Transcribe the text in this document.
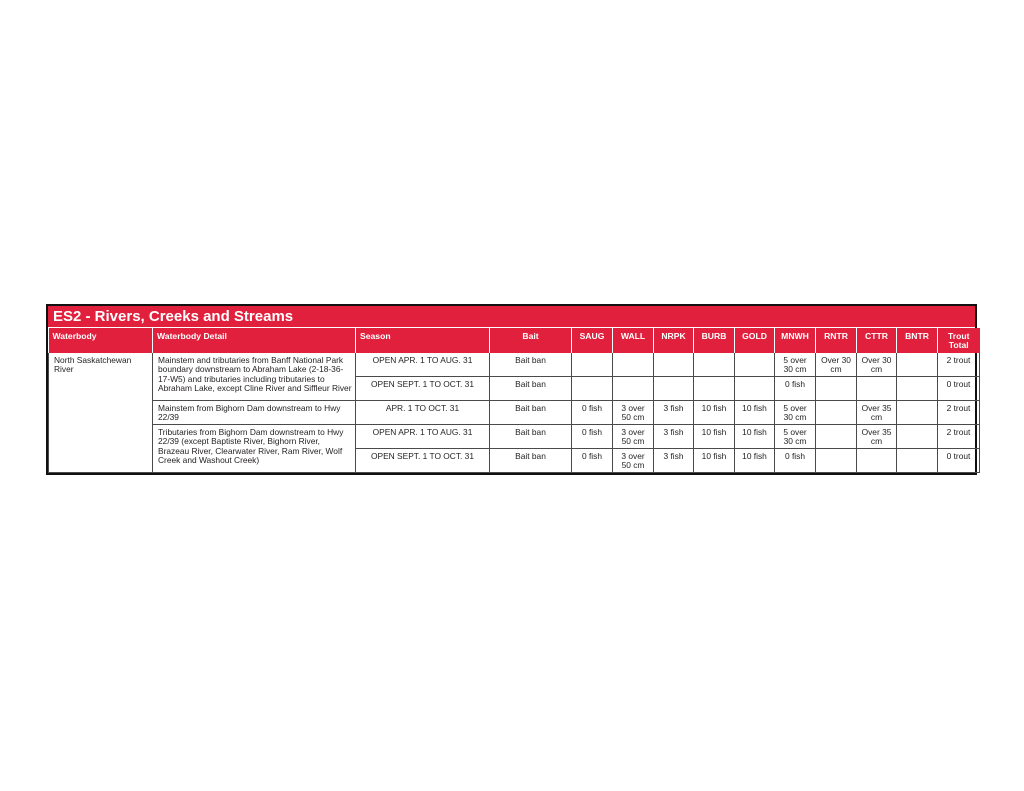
ES2 - Rivers, Creeks and Streams
Waterbody	Waterbody Detail	Season	Bait	SAUG	WALL	NRPK	BURB	GOLD	MNWH	RNTR	CTTR	BNTR	Trout
Total
North Saskatchewan River	Mainstem and tributaries from Banff National Park boundary downstream to Abraham Lake (2-18-36-17-W5) and tributaries including tributaries to Abraham Lake, except Cline River and Siffleur River	OPEN APR. 1 TO AUG. 31	Bait ban						5 over 30 cm	Over 30 cm	Over 30 cm		2 trout
		OPEN SEPT. 1 TO OCT. 31	Bait ban						0 fish				0 trout
	Mainstem from Bighorn Dam downstream to Hwy 22/39	APR. 1 TO OCT. 31	Bait ban	0 fish	3 over 50 cm	3 fish	10 fish	10 fish	5 over 30 cm		Over 35 cm		2 trout
	Tributaries from Bighorn Dam downstream to Hwy 22/39 (except Baptiste River, Bighorn River, Brazeau River, Clearwater River, Ram River, Wolf Creek and Washout Creek)	OPEN APR. 1 TO AUG. 31	Bait ban	0 fish	3 over 50 cm	3 fish	10 fish	10 fish	5 over 30 cm		Over 35 cm		2 trout
		OPEN SEPT. 1 TO OCT. 31	Bait ban	0 fish	3 over 50 cm	3 fish	10 fish	10 fish	0 fish				0 trout
